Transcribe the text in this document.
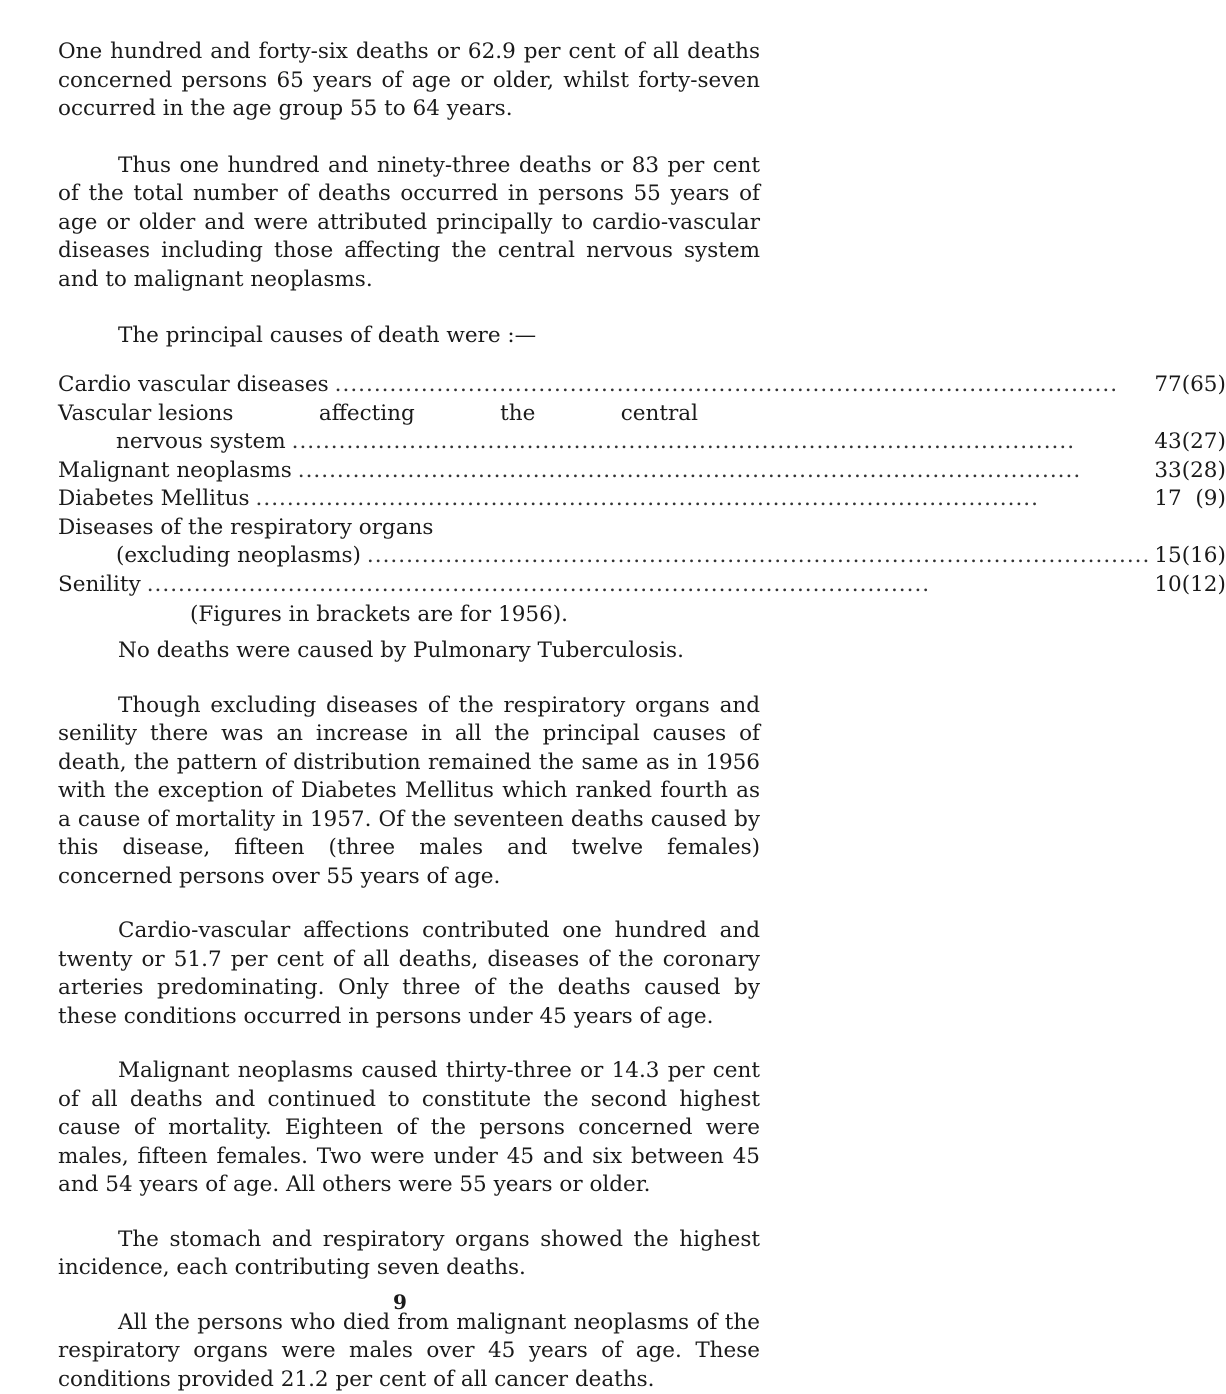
One hundred and forty-six deaths or 62.9 per cent of all deaths concerned persons 65 years of age or older, whilst forty-seven occurred in the age group 55 to 64 years.

Thus one hundred and ninety-three deaths or 83 per cent of the total number of deaths occurred in persons 55 years of age or older and were attributed principally to cardio-vascular diseases including those affecting the central nervous system and to malignant neoplasms.

The principal causes of death were :—

Cardio vascular diseases ....................................................................................................	77	(65)

Vascular lesions affecting the central		

nervous system ....................................................................................................	43	(27)

Malignant neoplasms ....................................................................................................	33	(28)

Diabetes Mellitus ....................................................................................................	17	(9)
Diseases of the respiratory organs		

(excluding neoplasms) ....................................................................................................	15	(16)

Senility ....................................................................................................	10	(12)

(Figures in brackets are for 1956).

No deaths were caused by Pulmonary Tuberculosis.

Though excluding diseases of the respiratory organs and senility there was an increase in all the principal causes of death, the pattern of distribution remained the same as in 1956 with the exception of Diabetes Mellitus which ranked fourth as a cause of mortality in 1957. Of the seventeen deaths caused by this disease, fifteen (three males and twelve females) concerned persons over 55 years of age.

Cardio-vascular affections contributed one hundred and twenty or 51.7 per cent of all deaths, diseases of the coronary arteries predominating. Only three of the deaths caused by these conditions occurred in persons under 45 years of age.

Malignant neoplasms caused thirty-three or 14.3 per cent of all deaths and continued to constitute the second highest cause of mortality. Eighteen of the persons concerned were males, fifteen females. Two were under 45 and six between 45 and 54 years of age. All others were 55 years or older.

The stomach and respiratory organs showed the highest incidence, each contributing seven deaths.

All the persons who died from malignant neoplasms of the respiratory organs were males over 45 years of age. These conditions provided 21.2 per cent of all cancer deaths.

9
